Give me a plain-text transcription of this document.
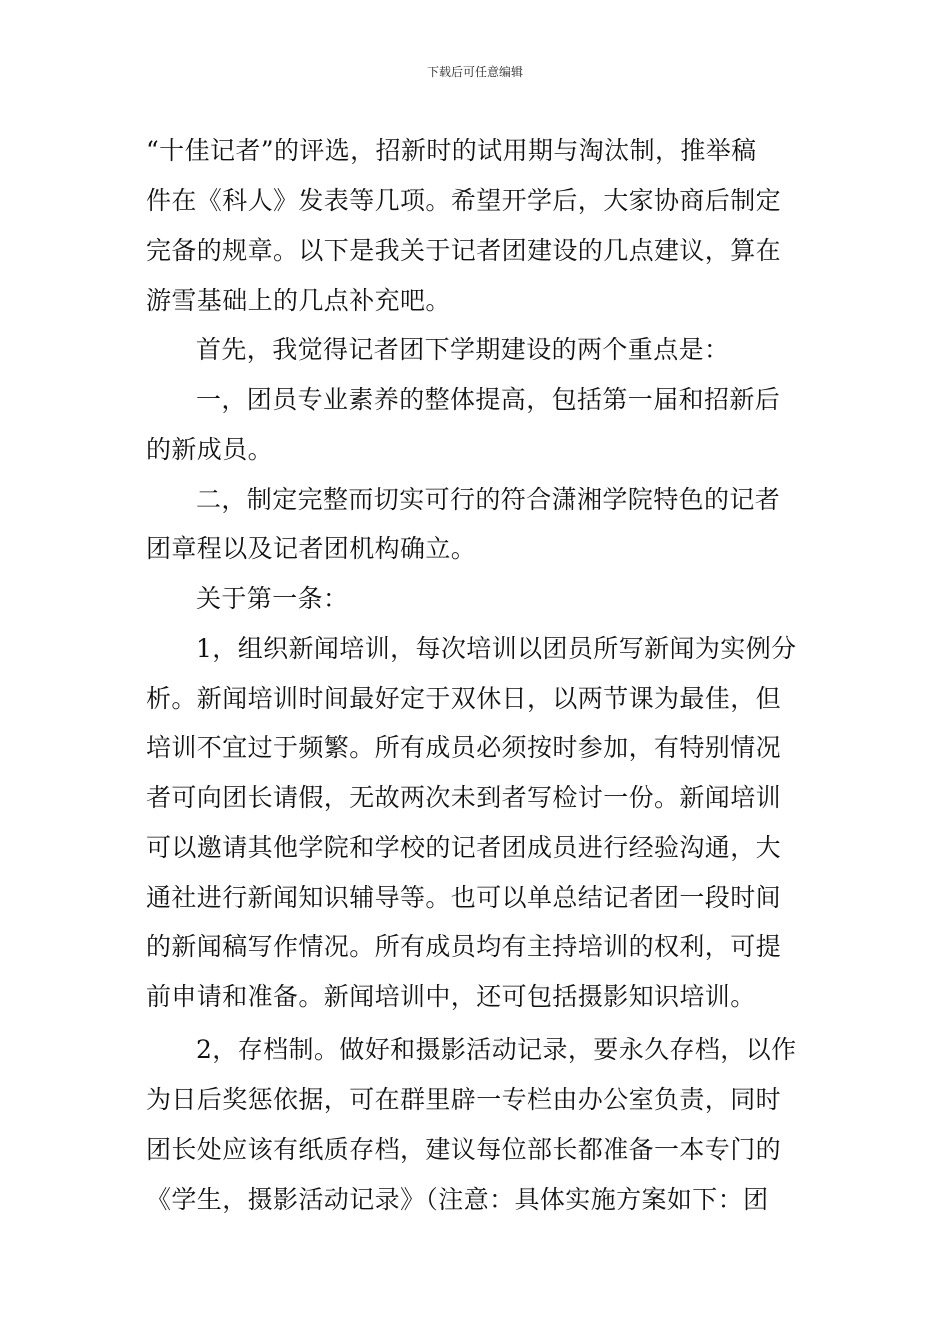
下载后可任意编辑
“十佳记者”的评选，招新时的试用期与淘汰制，推举稿
件在《科人》发表等几项。希望开学后，大家协商后制定
完备的规章。以下是我关于记者团建设的几点建议，算在
游雪基础上的几点补充吧。
首先，我觉得记者团下学期建设的两个重点是：
一，团员专业素养的整体提高，包括第一届和招新后
的新成员。
二，制定完整而切实可行的符合潇湘学院特色的记者
团章程以及记者团机构确立。
关于第一条：
1，组织新闻培训，每次培训以团员所写新闻为实例分
析。新闻培训时间最好定于双休日，以两节课为最佳，但
培训不宜过于频繁。所有成员必须按时参加，有特别情况
者可向团长请假，无故两次未到者写检讨一份。新闻培训
可以邀请其他学院和学校的记者团成员进行经验沟通，大
通社进行新闻知识辅导等。也可以单总结记者团一段时间
的新闻稿写作情况。所有成员均有主持培训的权利，可提
前申请和准备。新闻培训中，还可包括摄影知识培训。
2，存档制。做好和摄影活动记录，要永久存档，以作
为日后奖惩依据，可在群里辟一专栏由办公室负责，同时
团长处应该有纸质存档，建议每位部长都准备一本专门的
《学生，摄影活动记录》（注意：具体实施方案如下：团
